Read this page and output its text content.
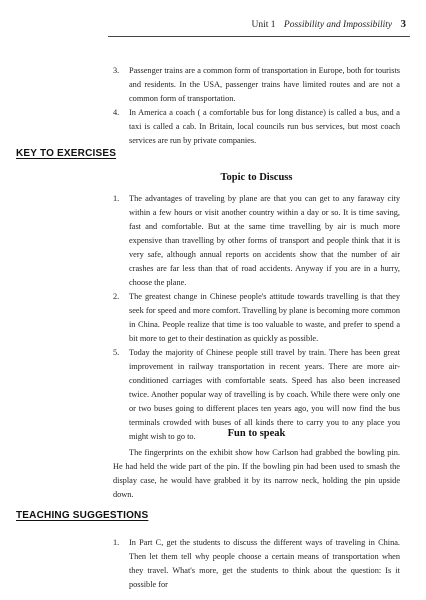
Unit 1 Possibility and Impossibility 3
3. Passenger trains are a common form of transportation in Europe, both for tourists and residents. In the USA, passenger trains have limited routes and are not a common form of transportation.
4. In America a coach ( a comfortable bus for long distance) is called a bus, and a taxi is called a cab. In Britain, local councils run bus services, but most coach services are run by private companies.
KEY TO EXERCISES
Topic to Discuss
1. The advantages of traveling by plane are that you can get to any faraway city within a few hours or visit another country within a day or so. It is time saving, fast and comfortable. But at the same time travelling by air is much more expensive than travelling by other forms of transport and people think that it is very safe, although annual reports on accidents show that the number of air crashes are far less than that of road accidents. Anyway if you are in a hurry, choose the plane.
2. The greatest change in Chinese people's attitude towards travelling is that they seek for speed and more comfort. Travelling by plane is becoming more common in China. People realize that time is too valuable to waste, and prefer to spend a bit more to get to their destination as quickly as possible.
5. Today the majority of Chinese people still travel by train. There has been great improvement in railway transportation in recent years. There are more air-conditioned carriages with comfortable seats. Speed has also been increased twice. Another popular way of travelling is by coach. While there were only one or two buses going to different places ten years ago, you will now find the bus terminals crowded with buses of all kinds there to carry you to any place you might wish to go to.	Fun to speak

The fingerprints on the exhibit show how Carlson had grabbed the bowling pin. He had held the wide part of the pin. If the bowling pin had been used to smash the display case, he would have grabbed it by its narrow neck, holding the pin upside down.

TEACHING SUGGESTIONS
1. In Part C, get the students to discuss the different ways of traveling in China. Then let them tell why people choose a certain means of transportation when they travel. What's more, get the students to think about the question: Is it possible for
